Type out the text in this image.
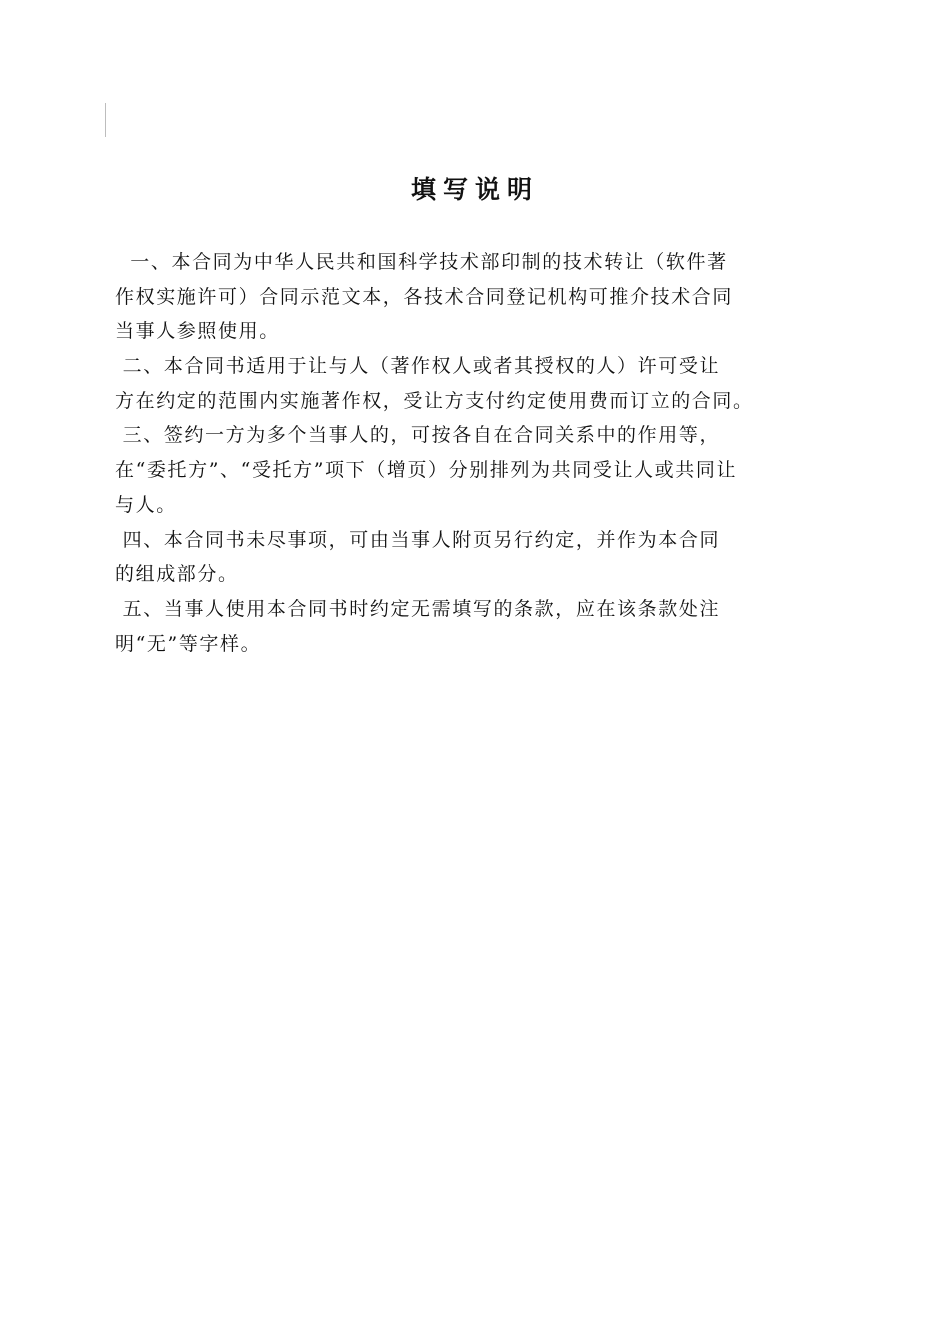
填写说明
一、本合同为中华人民共和国科学技术部印制的技术转让（软件著
作权实施许可）合同示范文本，各技术合同登记机构可推介技术合同
当事人参照使用。
二、本合同书适用于让与人（著作权人或者其授权的人）许可受让
方在约定的范围内实施著作权，受让方支付约定使用费而订立的合同。
三、签约一方为多个当事人的，可按各自在合同关系中的作用等，
在“委托方”、“受托方”项下（增页）分别排列为共同受让人或共同让
与人。
四、本合同书未尽事项，可由当事人附页另行约定，并作为本合同
的组成部分。
五、当事人使用本合同书时约定无需填写的条款，应在该条款处注
明“无”等字样。
